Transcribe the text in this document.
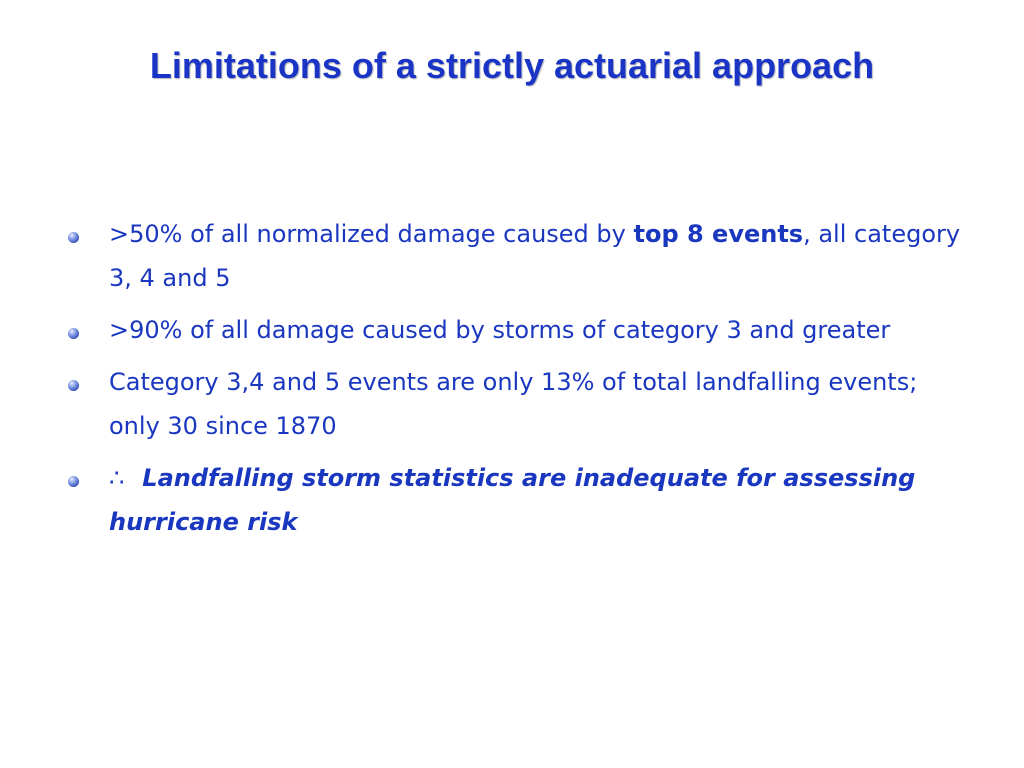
Limitations of a strictly actuarial approach
>50% of all normalized damage caused by top 8 events, all category 3, 4 and 5
>90% of all damage caused by storms of category 3 and greater
Category 3,4 and 5 events are only 13% of total landfalling events; only 30 since 1870
∴ Landfalling storm statistics are inadequate for assessing hurricane risk
